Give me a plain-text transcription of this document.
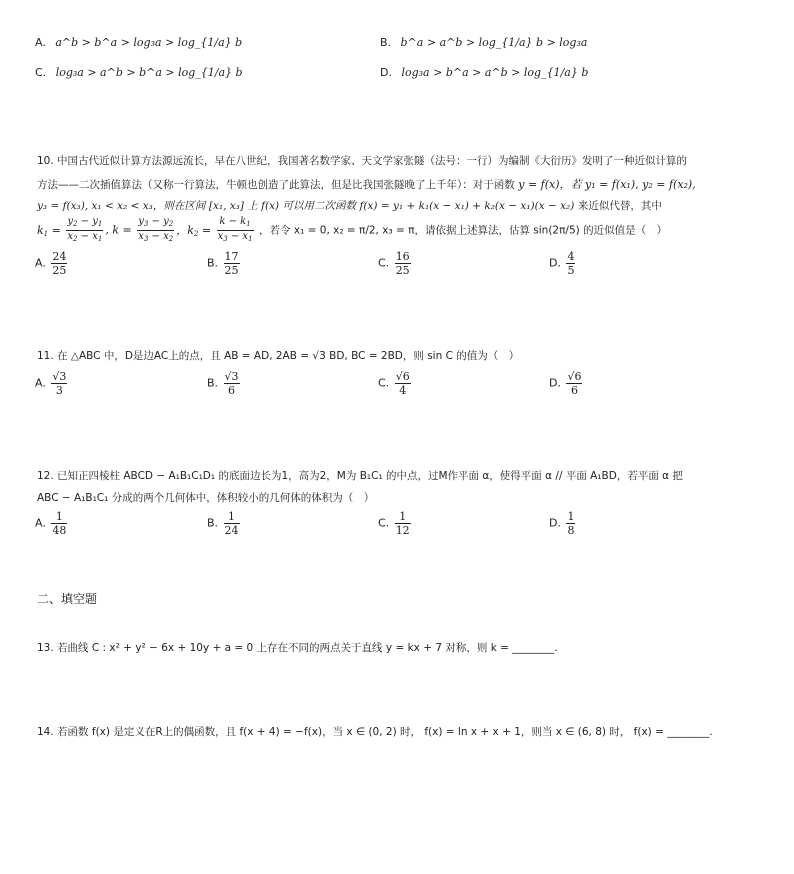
A. a^b > b^a > log₃a > log_{1/a} b	B. b^a > a^b > log_{1/a} b > log₃a
C. log₃a > a^b > b^a > log_{1/a} b	D. log₃a > b^a > a^b > log_{1/a} b
10. 中国古代近似计算方法源远流长，早在八世纪，我国著名数学家、天文学家张隧（法号：一行）为编制《大衍历》发明了一种近似计算的
方法——二次插值算法（又称一行算法，牛顿也创造了此算法，但是比我国张隧晚了上千年）：对于函数 y = f(x)，若 y₁ = f(x₁), y₂ = f(x₂),
y₃ = f(x₃), x₁ < x₂ < x₃，则在区间 [x₁, x₃] 上 f(x) 可以用二次函数 f(x) = y₁ + k₁(x − x₁) + k₂(x − x₁)(x − x₂) 来近似代替，其中
$k_1 = \frac{y_2 - y_1}{x_2 - x_1}$ , $k = \frac{y_3 - y_2}{x_3 - x_2}$ ，$k_2 = \frac{k - k_1}{x_3 - x_1}$ ，若令 x₁ = 0, x₂ = π/2, x₃ = π，请依据上述算法，估算 sin(2π/5) 的近似值是（　）
A. $\frac{24}{25}$	B. $\frac{17}{25}$	C. $\frac{16}{25}$	D. $\frac{4}{5}$
11. 在 △ABC 中，D是边AC上的点，且 AB = AD, 2AB = √3 BD, BC = 2BD，则 sin C 的值为（　）
A. $\frac{√3}{3}$	B. $\frac{√3}{6}$	C. $\frac{√6}{4}$	D. $\frac{√6}{6}$
12. 已知正四棱柱 ABCD − A₁B₁C₁D₁ 的底面边长为1，高为2，M为 B₁C₁ 的中点，过M作平面 α，使得平面 α // 平面 A₁BD，若平面 α 把
ABC − A₁B₁C₁ 分成的两个几何体中，体积较小的几何体的体积为（　）
A. $\frac{1}{48}$	B. $\frac{1}{24}$	C. $\frac{1}{12}$	D. $\frac{1}{8}$
二、填空题
13. 若曲线 C : x² + y² − 6x + 10y + a = 0 上存在不同的两点关于直线 y = kx + 7 对称，则 k = ________.
14. 若函数 f(x) 是定义在R上的偶函数，且 f(x + 4) = −f(x)，当 x ∈ (0, 2) 时， f(x) = ln x + x + 1，则当 x ∈ (6, 8) 时， f(x) = ________.
